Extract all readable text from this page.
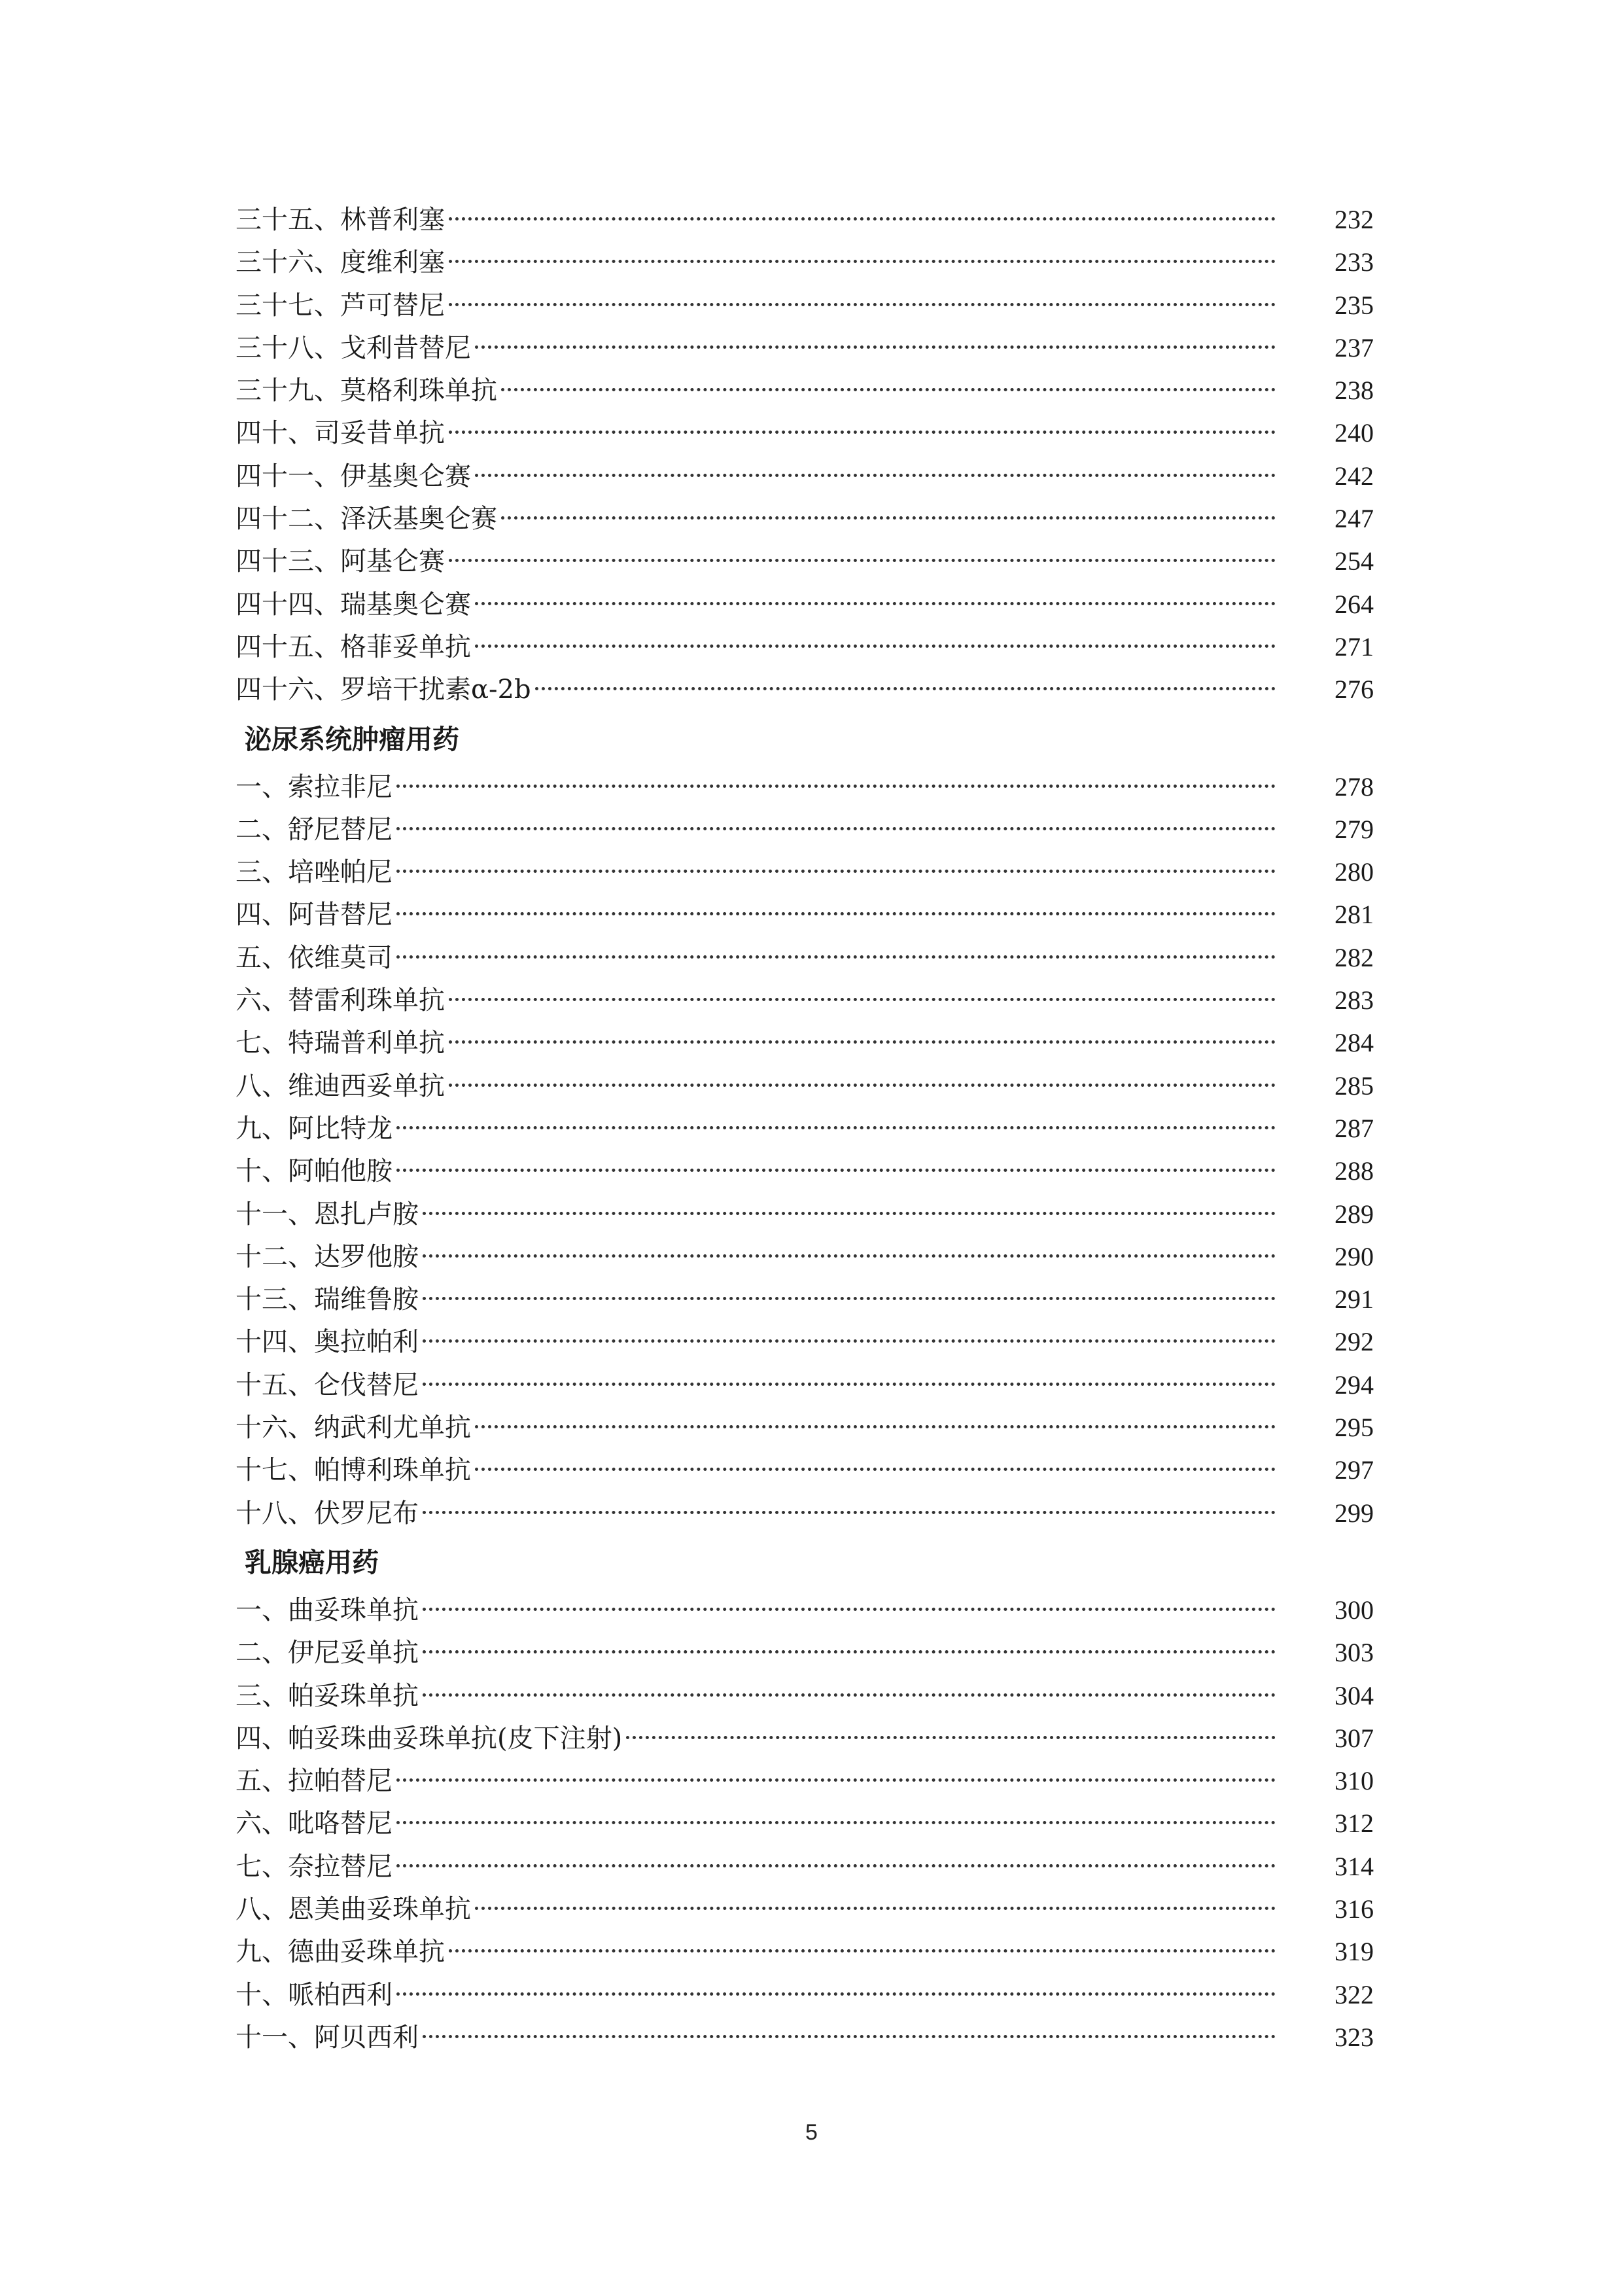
三十五、林普利塞	232
三十六、度维利塞	233
三十七、芦可替尼	235
三十八、戈利昔替尼	237
三十九、莫格利珠单抗	238
四十、司妥昔单抗	240
四十一、伊基奥仑赛	242
四十二、泽沃基奥仑赛	247
四十三、阿基仑赛	254
四十四、瑞基奥仑赛	264
四十五、格菲妥单抗	271
四十六、罗培干扰素α-2b	276
泌尿系统肿瘤用药
一、索拉非尼	278
二、舒尼替尼	279
三、培唑帕尼	280
四、阿昔替尼	281
五、依维莫司	282
六、替雷利珠单抗	283
七、特瑞普利单抗	284
八、维迪西妥单抗	285
九、阿比特龙	287
十、阿帕他胺	288
十一、恩扎卢胺	289
十二、达罗他胺	290
十三、瑞维鲁胺	291
十四、奥拉帕利	292
十五、仑伐替尼	294
十六、纳武利尤单抗	295
十七、帕博利珠单抗	297
十八、伏罗尼布	299
乳腺癌用药
一、曲妥珠单抗	300
二、伊尼妥单抗	303
三、帕妥珠单抗	304
四、帕妥珠曲妥珠单抗(皮下注射)	307
五、拉帕替尼	310
六、吡咯替尼	312
七、奈拉替尼	314
八、恩美曲妥珠单抗	316
九、德曲妥珠单抗	319
十、哌柏西利	322
十一、阿贝西利	323
5
